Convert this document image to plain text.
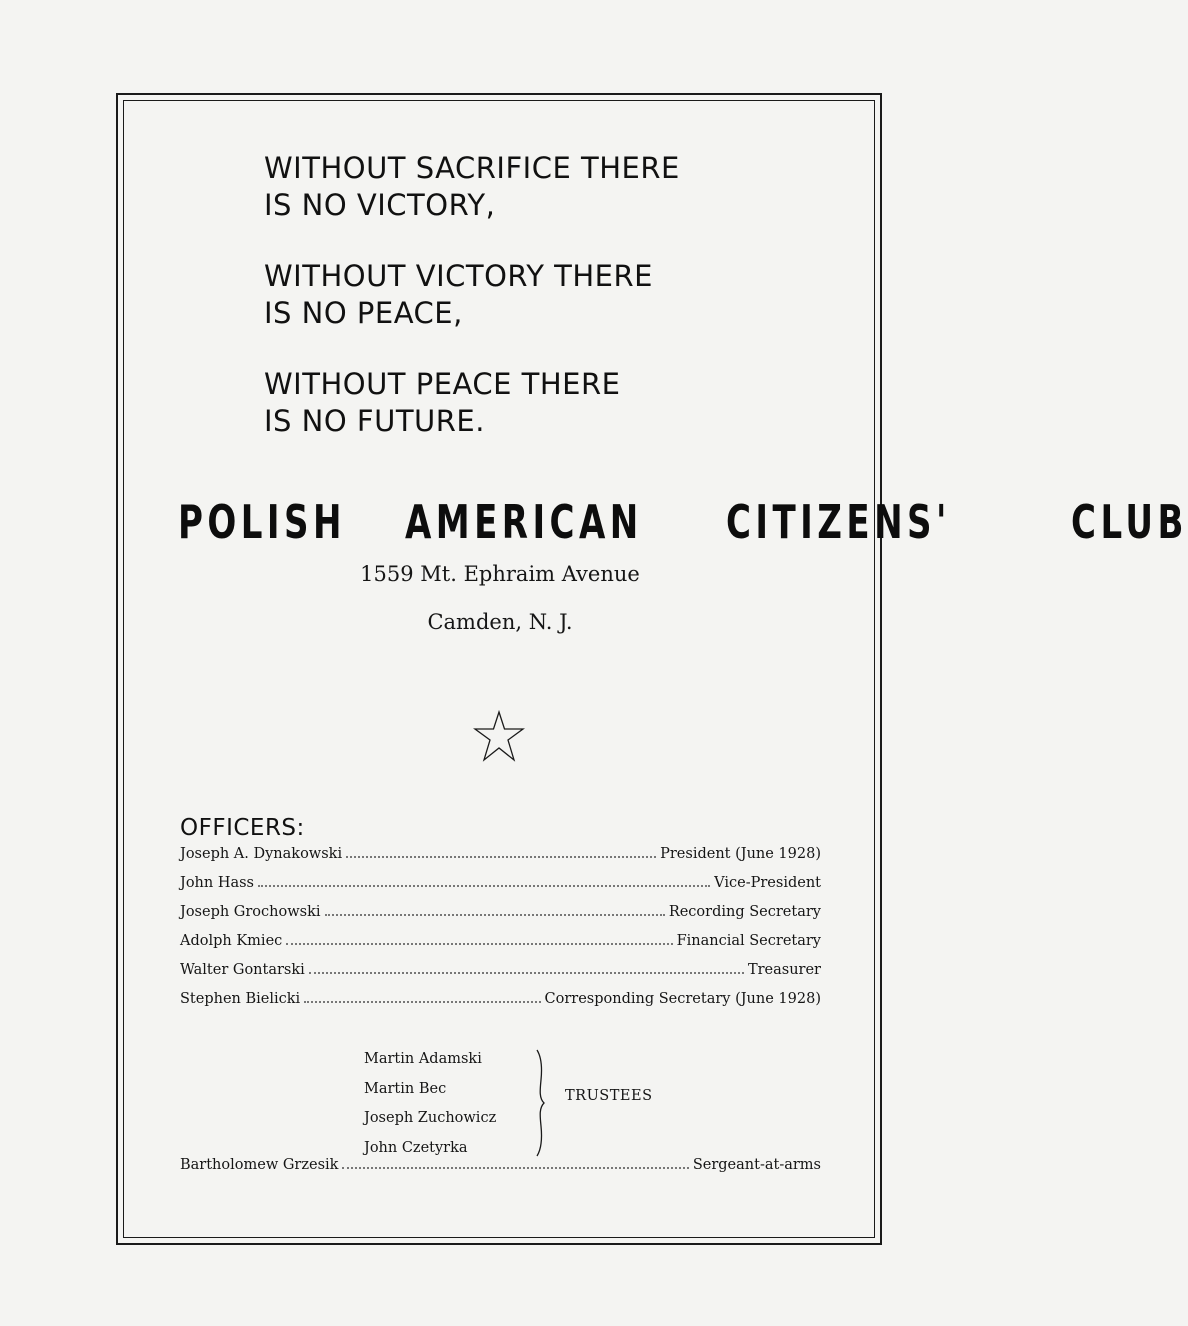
WITHOUT SACRIFICE THERE
IS NO VICTORY,
WITHOUT VICTORY THERE
IS NO PEACE,
WITHOUT PEACE THERE
IS NO FUTURE.
POLISH AMERICAN CITIZENS'	CLUB
1559 Mt. Ephraim Avenue
Camden, N. J.
OFFICERS:
Joseph A. Dynakowski	President (June 1928)
John Hass	Vice-President
Joseph Grochowski	Recording Secretary
Adolph Kmiec	Financial Secretary
Walter Gontarski	Treasurer
Stephen Bielicki	Corresponding Secretary (June 1928)
Martin Adamski
Martin Bec
Joseph Zuchowicz
John Czetyrka
TRUSTEES
Bartholomew Grzesik	Sergeant-at-arms
